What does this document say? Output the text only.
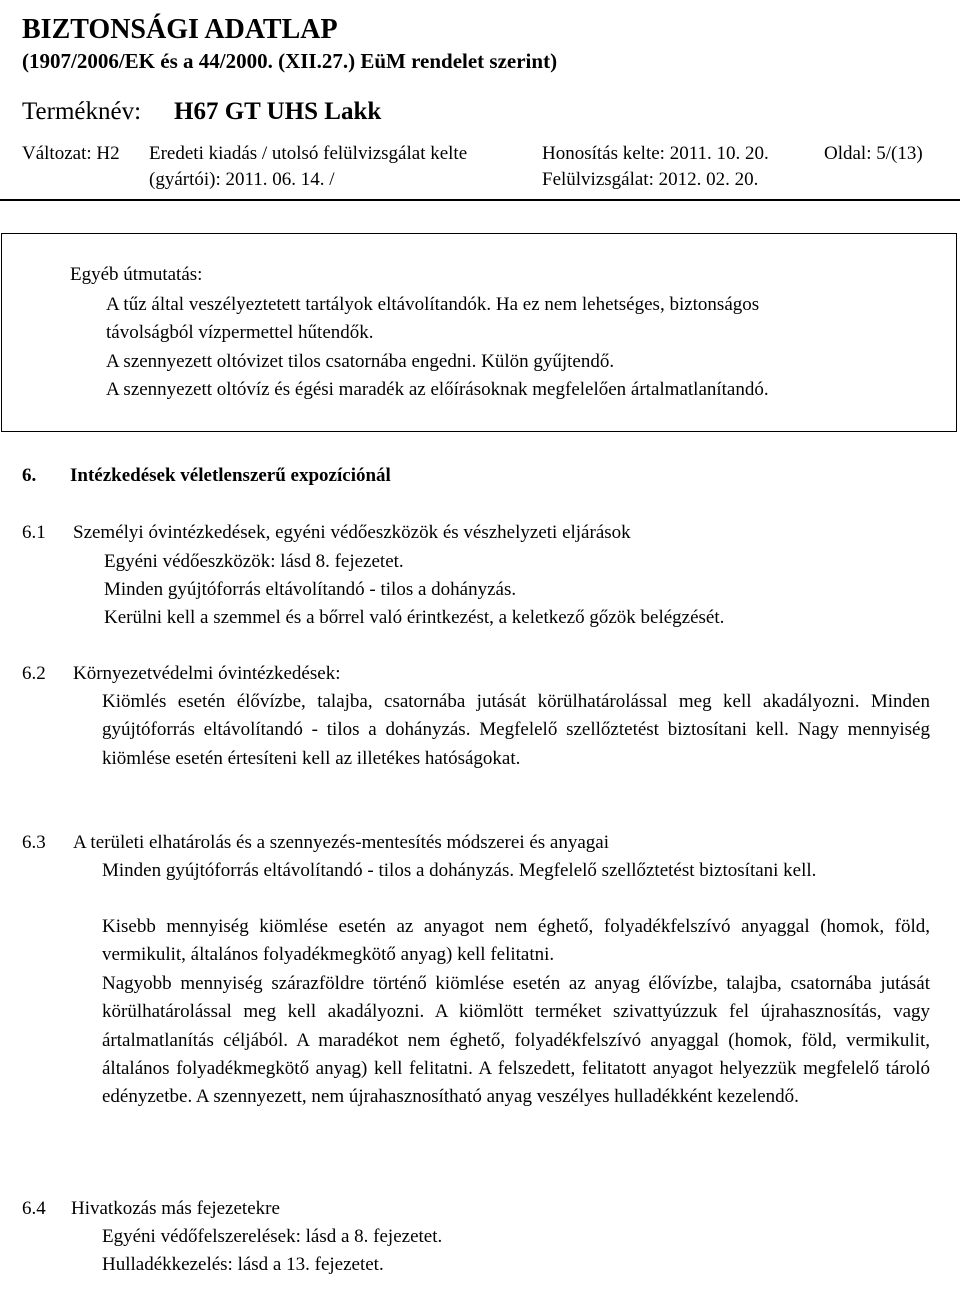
BIZTONSÁGI ADATLAP
(1907/2006/EK és a 44/2000. (XII.27.) EüM rendelet szerint)
Terméknév: H67 GT UHS Lakk
Változat: H2 Eredeti kiadás / utolsó felülvizsgálat kelte
(gyártói): 2011. 06. 14. /
Honosítás kelte: 2011. 10. 20.
Felülvizsgálat: 2012. 02. 20.
Oldal: 5/(13)
Egyéb útmutatás:
A tűz által veszélyeztetett tartályok eltávolítandók. Ha ez nem lehetséges, biztonságos
távolságból vízpermettel hűtendők.
A szennyezett oltóvizet tilos csatornába engedni. Külön gyűjtendő.
A szennyezett oltóvíz és égési maradék az előírásoknak megfelelően ártalmatlanítandó.
6. Intézkedések véletlenszerű expozíciónál
6.1 Személyi óvintézkedések, egyéni védőeszközök és vészhelyzeti eljárások
Egyéni védőeszközök: lásd 8. fejezetet.
Minden gyújtóforrás eltávolítandó - tilos a dohányzás.
Kerülni kell a szemmel és a bőrrel való érintkezést, a keletkező gőzök belégzését.
6.2 Környezetvédelmi óvintézkedések:
Kiömlés esetén élővízbe, talajba, csatornába jutását körülhatárolással meg kell akadályozni. Minden gyújtóforrás eltávolítandó - tilos a dohányzás. Megfelelő szellőztetést biztosítani kell. Nagy mennyiség kiömlése esetén értesíteni kell az illetékes hatóságokat.
6.3 A területi elhatárolás és a szennyezés-mentesítés módszerei és anyagai
Minden gyújtóforrás eltávolítandó - tilos a dohányzás. Megfelelő szellőztetést biztosítani kell.
Kisebb mennyiség kiömlése esetén az anyagot nem éghető, folyadékfelszívó anyaggal (homok, föld, vermikulit, általános folyadékmegkötő anyag) kell felitatni.
Nagyobb mennyiség szárazföldre történő kiömlése esetén az anyag élővízbe, talajba, csatornába jutását körülhatárolással meg kell akadályozni. A kiömlött terméket szivattyúzzuk fel újrahasznosítás, vagy ártalmatlanítás céljából. A maradékot nem éghető, folyadékfelszívó anyaggal (homok, föld, vermikulit, általános folyadékmegkötő anyag) kell felitatni. A felszedett, felitatott anyagot helyezzük megfelelő tároló edényzetbe. A szennyezett, nem újrahasznosítható anyag veszélyes hulladékként kezelendő.
6.4 Hivatkozás más fejezetekre
Egyéni védőfelszerelések: lásd a 8. fejezetet.
Hulladékkezelés: lásd a 13. fejezetet.
